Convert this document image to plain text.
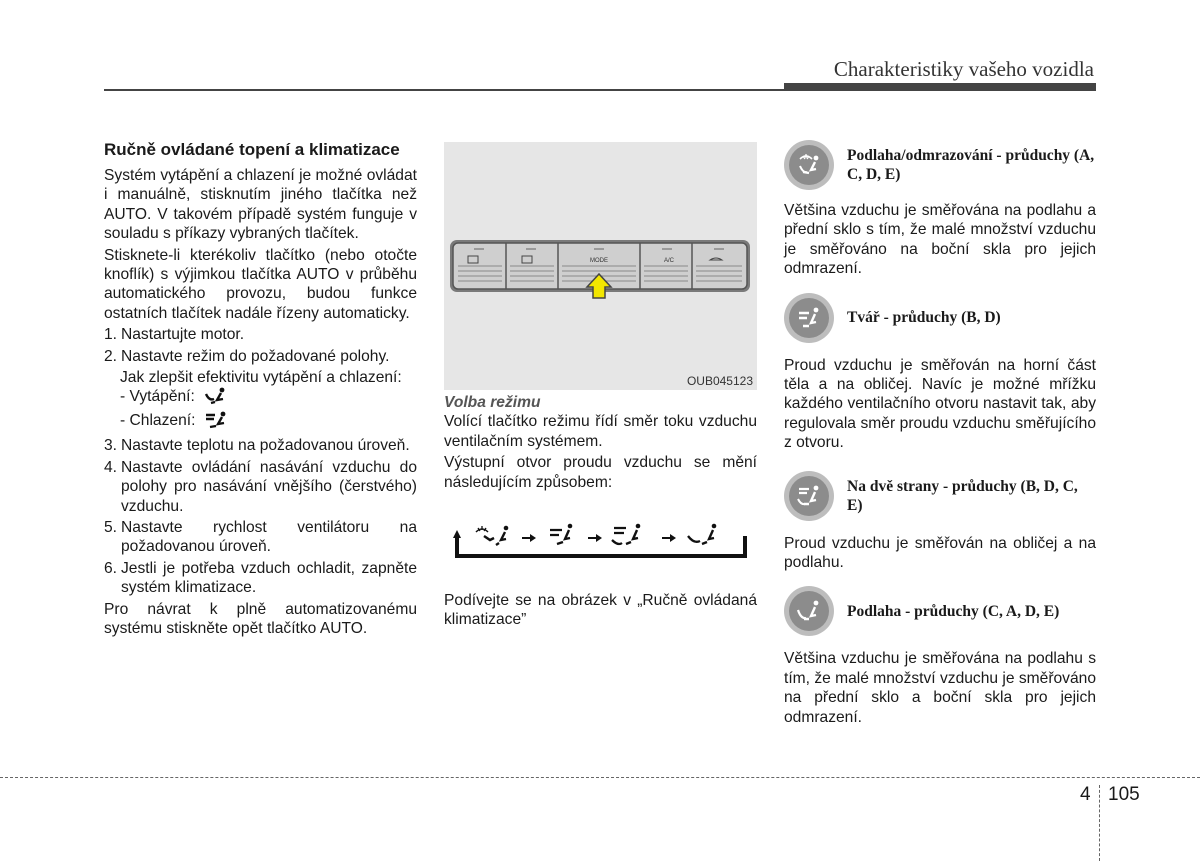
Charakteristiky vašeho vozidla
Ručně ovládané topení a klimatizace

Systém vytápění a chlazení je možné ovládat i manuálně, stisknutím jiného tlačítka než AUTO. V takovém případě systém funguje v souladu s příkazy vybraných tlačítek.

Stisknete-li kterékoliv tlačítko (nebo otočte knoflík) s výjimkou tlačítka AUTO v průběhu automatického provozu, budou funkce ostatních tlačítek nadále řízeny automaticky.

1. Nastartujte motor.
2. Nastavte režim do požadované polohy.

Jak zlepšit efektivitu vytápění a chlazení:

- Vytápění:

- Chlazení:

3. Nastavte teplotu na požadovanou úroveň.
4. Nastavte ovládání nasávání vzduchu do polohy pro nasávání vnějšího (čerstvého) vzduchu.
5. Nastavte rychlost ventilátoru na požadovanou úroveň.
6. Jestli je potřeba vzduch ochladit, zapněte systém klimatizace.

Pro návrat k plně automatizovanému systému stiskněte opět tlačítko AUTO.

MODE	A/C
OUB045123

Volba režimu

Volící tlačítko režimu řídí směr toku vzduchu ventilačním systémem.

Výstupní otvor proudu vzduchu se mění následujícím způsobem:

Podívejte se na obrázek v „Ručně ovládaná klimatizace”

Podlaha/odmrazování - průduchy (A, C, D, E)

Většina vzduchu je směřována na podlahu a přední sklo s tím, že malé množství vzduchu je směřováno na boční skla pro jejich odmrazení.

Tvář - průduchy (B, D)

Proud vzduchu je směřován na horní část těla a na obličej. Navíc je možné mřížku každého ventilačního otvoru nastavit tak, aby regulovala směr proudu vzduchu směřujícího z otvoru.

Na dvě strany - průduchy (B, D, C, E)

Proud vzduchu je směřován na obličej a na podlahu.

Podlaha - průduchy (C, A, D, E)

Většina vzduchu je směřována na podlahu s tím, že malé množství vzduchu je směřováno na přední sklo a boční skla pro jejich odmrazení.

4 105
